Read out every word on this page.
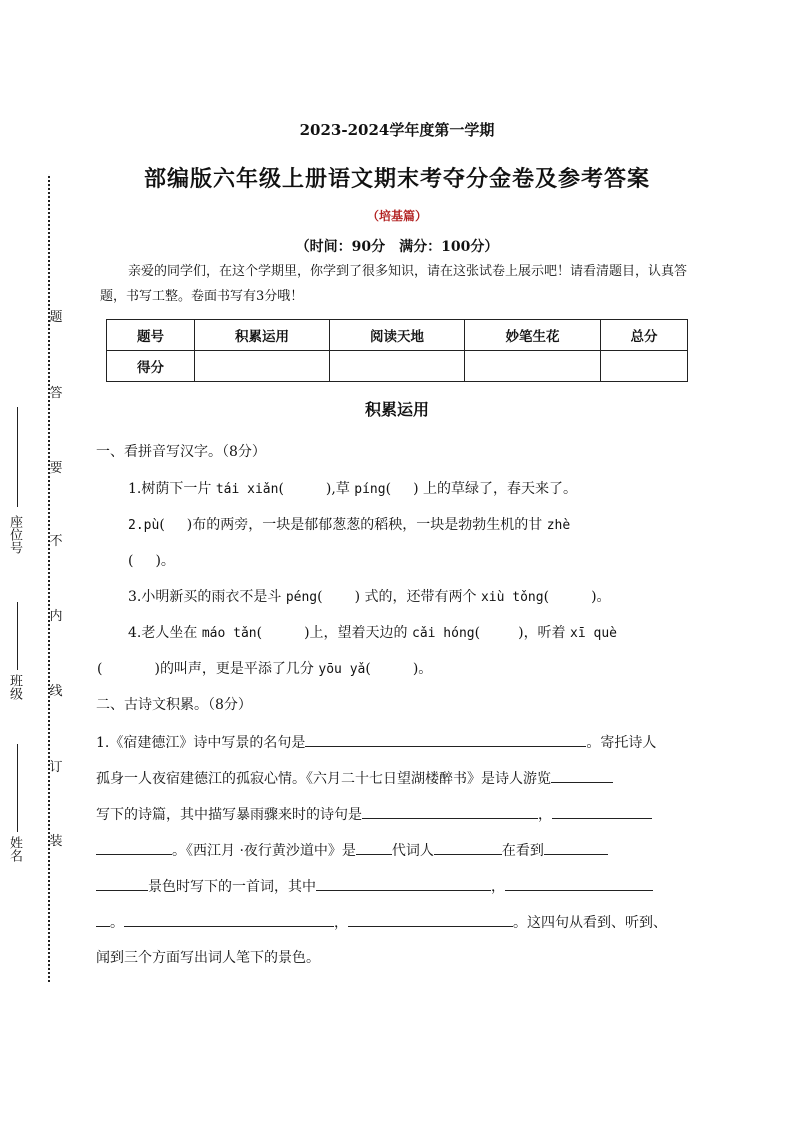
座位号
班级
姓名
题
答
要
不
内
线
订
装
2023-2024学年度第一学期
部编版六年级上册语文期末考夺分金卷及参考答案
（培基篇）
（时间：90分　满分：100分）
亲爱的同学们，在这个学期里，你学到了很多知识，请在这张试卷上展示吧！请看清题目，认真答题，书写工整。卷面书写有3分哦！
题号	积累运用	阅读天地	妙笔生花	总分
得分				
积累运用
一、看拼音写汉字。（8分）
1.树荫下一片 tái xiǎn(	),草 píng( ) 上的草绿了，春天来了。
2.pù( )布的两旁，一块是郁郁葱葱的稻秧，一块是勃勃生机的甘 zhè
( )。
3.小明新买的雨衣不是斗 péng( ) 式的，还带有两个 xiù tǒng(	)。
4.老人坐在 máo tǎn(	)上，望着天边的 cǎi hóng(	)，听着 xī què
(	)的叫声，更是平添了几分 yōu yǎ(	)。
二、古诗文积累。（8分）
1.《宿建德江》诗中写景的名句是	。寄托诗人
孤身一人夜宿建德江的孤寂心情。《六月二十七日望湖楼醉书》是诗人游览
写下的诗篇，其中描写暴雨骤来时的诗句是	，
。《西江月 ·夜行黄沙道中》是	代词人	在看到
景色时写下的一首词，其中	，
。	，	。这四句从看到、听到、
闻到三个方面写出词人笔下的景色。
